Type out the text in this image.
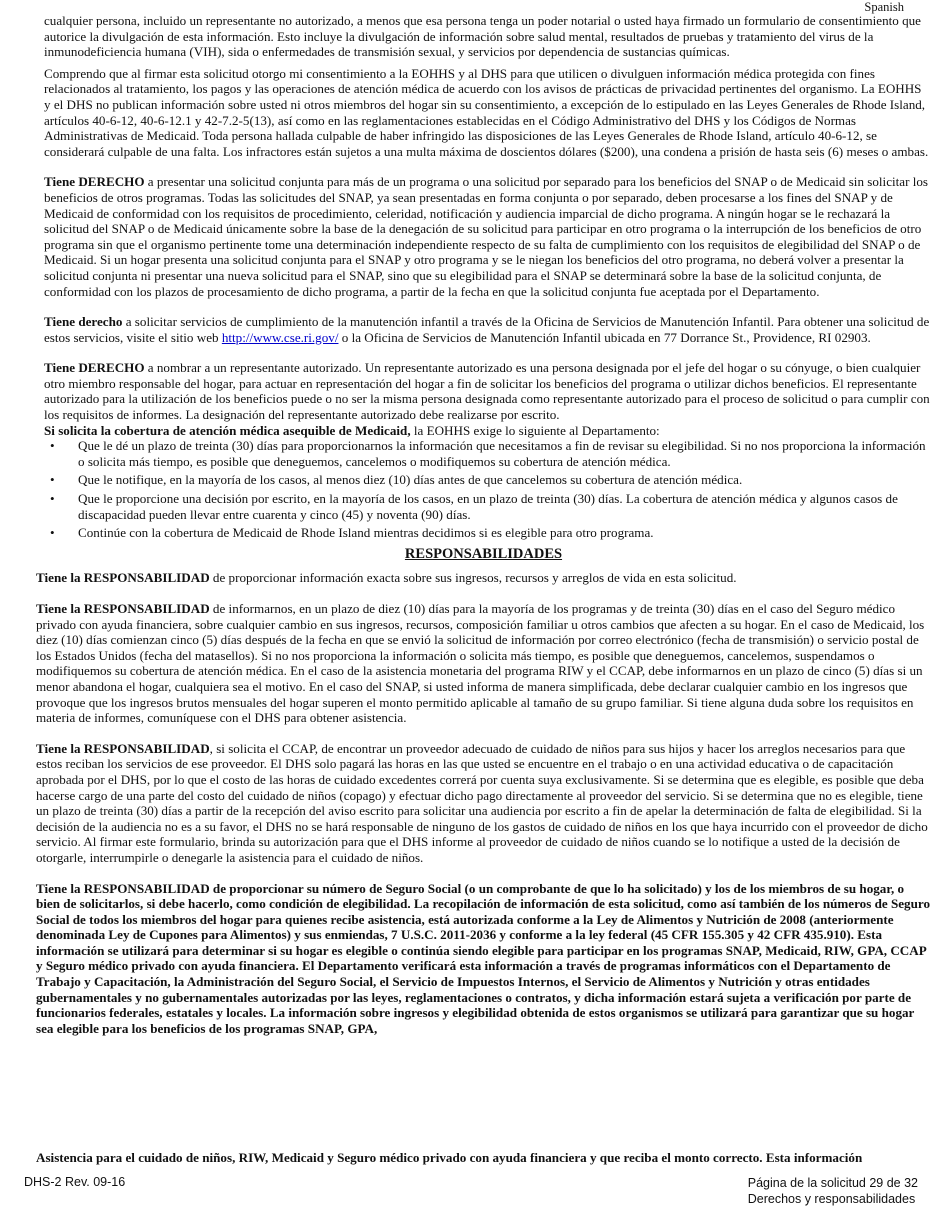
Spanish

cualquier persona, incluido un representante no autorizado, a menos que esa persona tenga un poder notarial o usted haya firmado un formulario de consentimiento que autorice la divulgación de esta información. Esto incluye la divulgación de información sobre salud mental, resultados de pruebas y tratamiento del virus de la inmunodeficiencia humana (VIH), sida o enfermedades de transmisión sexual, y servicios por dependencia de sustancias químicas.

Comprendo que al firmar esta solicitud otorgo mi consentimiento a la EOHHS y al DHS para que utilicen o divulguen información médica protegida con fines relacionados al tratamiento, los pagos y las operaciones de atención médica de acuerdo con los avisos de prácticas de privacidad pertinentes del organismo. La EOHHS y el DHS no publican información sobre usted ni otros miembros del hogar sin su consentimiento, a excepción de lo estipulado en las Leyes Generales de Rhode Island, artículos 40-6-12, 40-6-12.1 y 42-7.2-5(13), así como en las reglamentaciones establecidas en el Código Administrativo del DHS y los Códigos de Normas Administrativas de Medicaid. Toda persona hallada culpable de haber infringido las disposiciones de las Leyes Generales de Rhode Island, artículo 40-6-12, se considerará culpable de una falta. Los infractores están sujetos a una multa máxima de doscientos dólares ($200), una condena a prisión de hasta seis (6) meses o ambas.

Tiene DERECHO a presentar una solicitud conjunta para más de un programa o una solicitud por separado para los beneficios del SNAP o de Medicaid sin solicitar los beneficios de otros programas. Todas las solicitudes del SNAP, ya sean presentadas en forma conjunta o por separado, deben procesarse a los fines del SNAP y de Medicaid de conformidad con los requisitos de procedimiento, celeridad, notificación y audiencia imparcial de dicho programa. A ningún hogar se le rechazará la solicitud del SNAP o de Medicaid únicamente sobre la base de la denegación de su solicitud para participar en otro programa o la interrupción de los beneficios de otro programa sin que el organismo pertinente tome una determinación independiente respecto de su falta de cumplimiento con los requisitos de elegibilidad del SNAP o de Medicaid. Si un hogar presenta una solicitud conjunta para el SNAP y otro programa y se le niegan los beneficios del otro programa, no deberá volver a presentar la solicitud conjunta ni presentar una nueva solicitud para el SNAP, sino que su elegibilidad para el SNAP se determinará sobre la base de la solicitud conjunta, de conformidad con los plazos de procesamiento de dicho programa, a partir de la fecha en que la solicitud conjunta fue aceptada por el Departamento.

Tiene derecho a solicitar servicios de cumplimiento de la manutención infantil a través de la Oficina de Servicios de Manutención Infantil. Para obtener una solicitud de estos servicios, visite el sitio web http://www.cse.ri.gov/ o la Oficina de Servicios de Manutención Infantil ubicada en 77 Dorrance St., Providence, RI 02903.

Tiene DERECHO a nombrar a un representante autorizado. Un representante autorizado es una persona designada por el jefe del hogar o su cónyuge, o bien cualquier otro miembro responsable del hogar, para actuar en representación del hogar a fin de solicitar los beneficios del programa o utilizar dichos beneficios. El representante autorizado para la utilización de los beneficios puede o no ser la misma persona designada como representante autorizado para el proceso de solicitud o para cumplir con los requisitos de informes. La designación del representante autorizado debe realizarse por escrito.

Si solicita la cobertura de atención médica asequible de Medicaid, la EOHHS exige lo siguiente al Departamento:

• Que le dé un plazo de treinta (30) días para proporcionarnos la información que necesitamos a fin de revisar su elegibilidad. Si no nos proporciona la información o solicita más tiempo, es posible que deneguemos, cancelemos o modifiquemos su cobertura de atención médica.
• Que le notifique, en la mayoría de los casos, al menos diez (10) días antes de que cancelemos su cobertura de atención médica.
• Que le proporcione una decisión por escrito, en la mayoría de los casos, en un plazo de treinta (30) días. La cobertura de atención médica y algunos casos de discapacidad pueden llevar entre cuarenta y cinco (45) y noventa (90) días.
• Continúe con la cobertura de Medicaid de Rhode Island mientras decidimos si es elegible para otro programa.
RESPONSABILIDADES

Tiene la RESPONSABILIDAD de proporcionar información exacta sobre sus ingresos, recursos y arreglos de vida en esta solicitud.

Tiene la RESPONSABILIDAD de informarnos, en un plazo de diez (10) días para la mayoría de los programas y de treinta (30) días en el caso del Seguro médico privado con ayuda financiera, sobre cualquier cambio en sus ingresos, recursos, composición familiar u otros cambios que afecten a su hogar. En el caso de Medicaid, los diez (10) días comienzan cinco (5) días después de la fecha en que se envió la solicitud de información por correo electrónico (fecha de transmisión) o servicio postal de los Estados Unidos (fecha del matasellos). Si no nos proporciona la información o solicita más tiempo, es posible que deneguemos, cancelemos, suspendamos o modifiquemos su cobertura de atención médica. En el caso de la asistencia monetaria del programa RIW y el CCAP, debe informarnos en un plazo de cinco (5) días si un menor abandona el hogar, cualquiera sea el motivo. En el caso del SNAP, si usted informa de manera simplificada, debe declarar cualquier cambio en los ingresos que provoque que los ingresos brutos mensuales del hogar superen el monto permitido aplicable al tamaño de su grupo familiar. Si tiene alguna duda sobre los requisitos en materia de informes, comuníquese con el DHS para obtener asistencia.

Tiene la RESPONSABILIDAD, si solicita el CCAP, de encontrar un proveedor adecuado de cuidado de niños para sus hijos y hacer los arreglos necesarios para que estos reciban los servicios de ese proveedor. El DHS solo pagará las horas en las que usted se encuentre en el trabajo o en una actividad educativa o de capacitación aprobada por el DHS, por lo que el costo de las horas de cuidado excedentes correrá por cuenta suya exclusivamente. Si se determina que es elegible, es posible que deba hacerse cargo de una parte del costo del cuidado de niños (copago) y efectuar dicho pago directamente al proveedor del servicio. Si se determina que no es elegible, tiene un plazo de treinta (30) días a partir de la recepción del aviso escrito para solicitar una audiencia por escrito a fin de apelar la determinación de falta de elegibilidad. Si la decisión de la audiencia no es a su favor, el DHS no se hará responsable de ninguno de los gastos de cuidado de niños en los que haya incurrido con el proveedor de dicho servicio. Al firmar este formulario, brinda su autorización para que el DHS informe al proveedor de cuidado de niños cuando se lo notifique a usted de la decisión de otorgarle, interrumpirle o denegarle la asistencia para el cuidado de niños.

Tiene la RESPONSABILIDAD de proporcionar su número de Seguro Social (o un comprobante de que lo ha solicitado) y los de los miembros de su hogar, o bien de solicitarlos, si debe hacerlo, como condición de elegibilidad. La recopilación de información de esta solicitud, como así también de los números de Seguro Social de todos los miembros del hogar para quienes recibe asistencia, está autorizada conforme a la Ley de Alimentos y Nutrición de 2008 (anteriormente denominada Ley de Cupones para Alimentos) y sus enmiendas, 7 U.S.C. 2011-2036 y conforme a la ley federal (45 CFR 155.305 y 42 CFR 435.910). Esta información se utilizará para determinar si su hogar es elegible o continúa siendo elegible para participar en los programas SNAP, Medicaid, RIW, GPA, CCAP y Seguro médico privado con ayuda financiera. El Departamento verificará esta información a través de programas informáticos con el Departamento de Trabajo y Capacitación, la Administración del Seguro Social, el Servicio de Impuestos Internos, el Servicio de Alimentos y Nutrición y otras entidades gubernamentales y no gubernamentales autorizadas por las leyes, reglamentaciones o contratos, y dicha información estará sujeta a verificación por parte de funcionarios federales, estatales y locales. La información sobre ingresos y elegibilidad obtenida de estos organismos se utilizará para garantizar que su hogar sea elegible para los beneficios de los programas SNAP, GPA,

Asistencia para el cuidado de niños, RIW, Medicaid y Seguro médico privado con ayuda financiera y que reciba el monto correcto. Esta información
DHS-2 Rev. 09-16	Página de la solicitud 29 de 32
Derechos y responsabilidades
